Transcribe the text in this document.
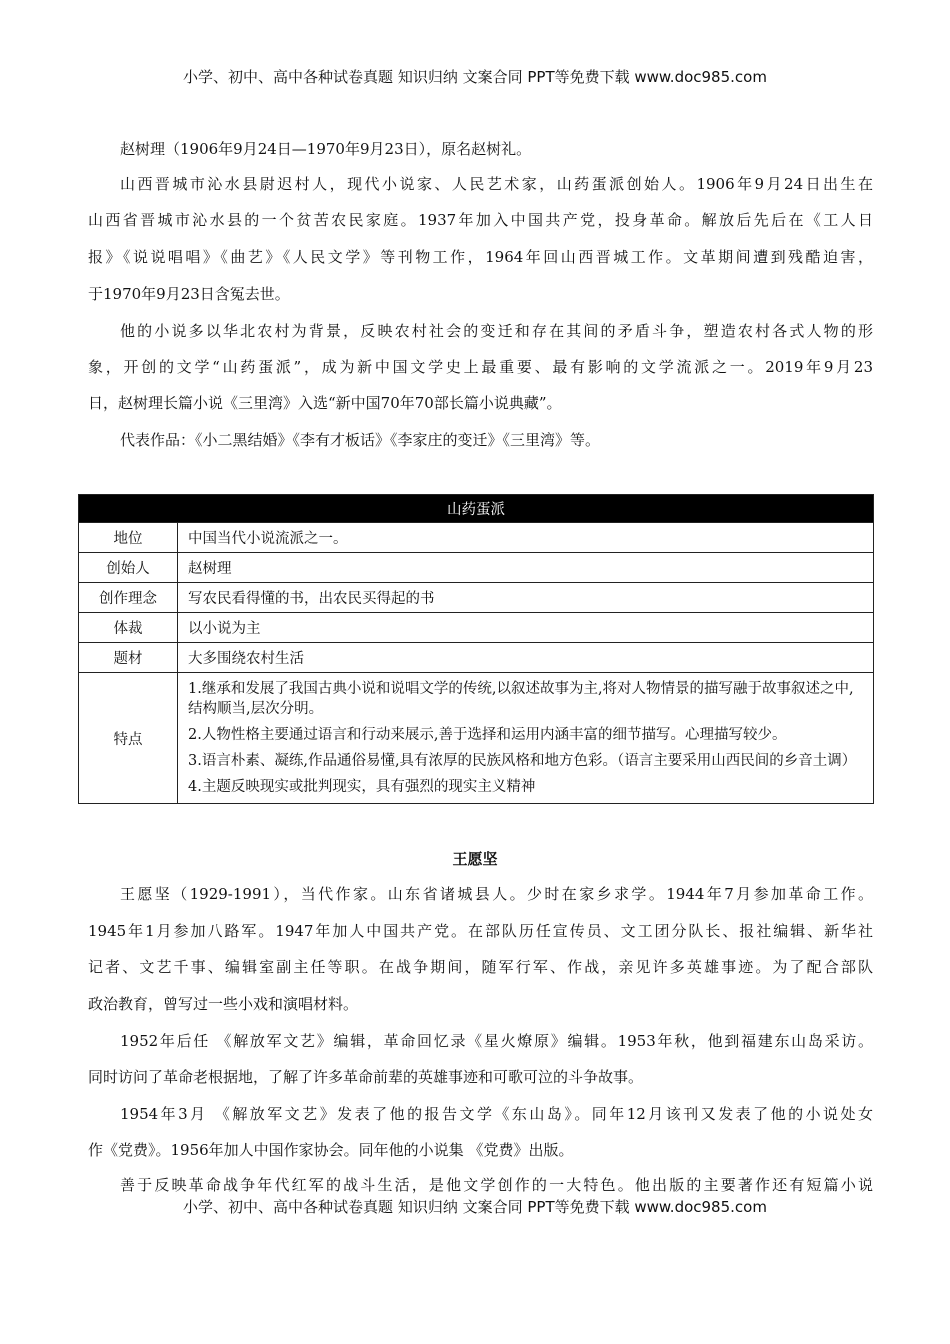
小学、初中、高中各种试卷真题 知识归纳 文案合同 PPT等免费下载 www.doc985.com
赵树理（1906年9月24日—1970年9月23日），原名赵树礼。
山西晋城市沁水县尉迟村人，现代小说家、人民艺术家，山药蛋派创始人。1906年9月24日出生在
山西省晋城市沁水县的一个贫苦农民家庭。1937年加入中国共产党，投身革命。解放后先后在《工人日
报》《说说唱唱》《曲艺》《人民文学》等刊物工作，1964年回山西晋城工作。文革期间遭到残酷迫害，
于1970年9月23日含冤去世。
他的小说多以华北农村为背景，反映农村社会的变迁和存在其间的矛盾斗争，塑造农村各式人物的形
象，开创的文学“山药蛋派”，成为新中国文学史上最重要、最有影响的文学流派之一。2019年9月23
日，赵树理长篇小说《三里湾》入选“新中国70年70部长篇小说典藏”。
代表作品：《小二黑结婚》《李有才板话》《李家庄的变迁》《三里湾》等。
山药蛋派	
地位	中国当代小说流派之一。
创始人	赵树理
创作理念	写农民看得懂的书，出农民买得起的书
体裁	以小说为主
题材	大多围绕农村生活
特点	1.继承和发展了我国古典小说和说唱文学的传统,以叙述故事为主,将对人物情景的描写融于故事叙述之中,结构顺当,层次分明。

2.人物性格主要通过语言和行动来展示,善于选择和运用内涵丰富的细节描写。心理描写较少。

3.语言朴素、凝练,作品通俗易懂,具有浓厚的民族风格和地方色彩。（语言主要采用山西民间的乡音土调）

4.主题反映现实或批判现实，具有强烈的现实主义精神

王愿坚
王愿坚（1929-1991），当代作家。山东省诸城县人。少时在家乡求学。1944年7月参加革命工作。
1945年1月参加八路军。1947年加人中国共产党。在部队历任宣传员、文工团分队长、报社编辑、新华社
记者、文艺千事、编辑室副主任等职。在战争期间，随军行军、作战，亲见许多英雄事迹。为了配合部队
政治教育，曾写过一些小戏和演唱材料。
1952年后任 《解放军文艺》编辑，革命回忆录《星火燎原》编辑。1953年秋，他到福建东山岛采访。
同时访问了革命老根据地，了解了许多革命前辈的英雄事迹和可歌可泣的斗争故事。
1954年3月 《解放军文艺》发表了他的报告文学《东山岛》。同年12月该刊又发表了他的小说处女
作《党费》。1956年加人中国作家协会。同年他的小说集 《党费》出版。
善于反映革命战争年代红军的战斗生活，是他文学创作的一大特色。他出版的主要著作还有短篇小说
小学、初中、高中各种试卷真题 知识归纳 文案合同 PPT等免费下载 www.doc985.com
